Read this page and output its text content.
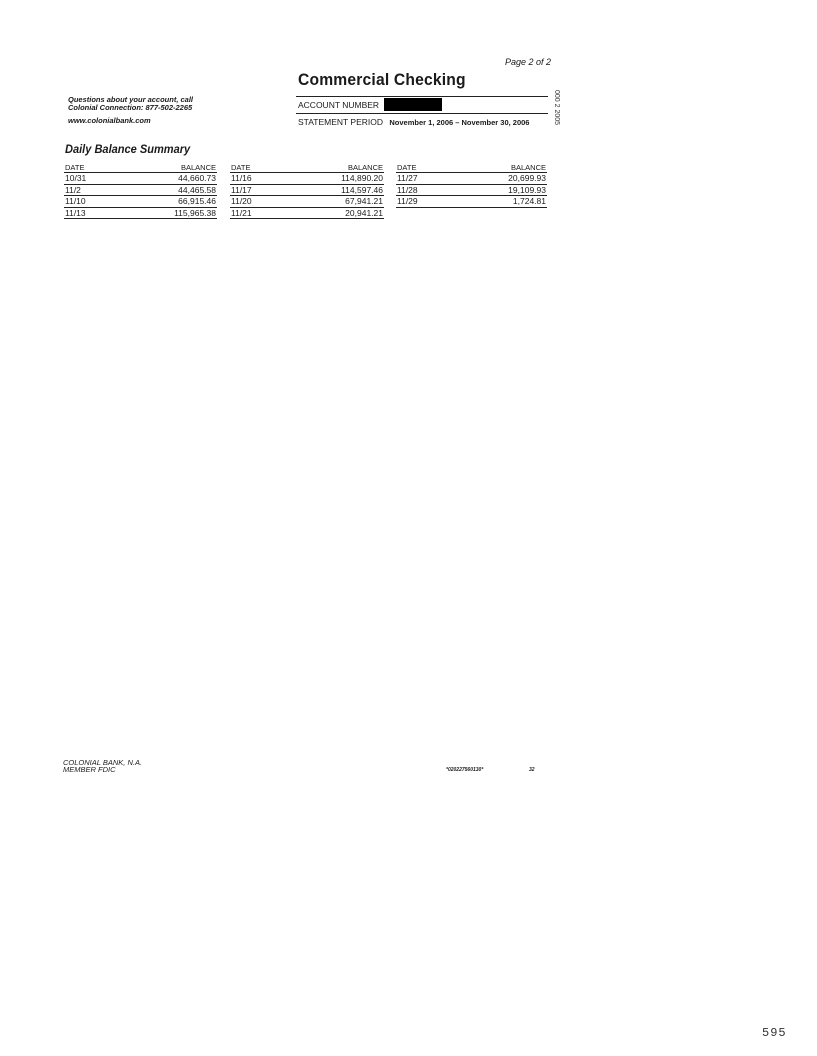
Page 2 of 2
Commercial Checking
000 2 2005
Questions about your account, call
Colonial Connection: 877-502-2265
www.colonialbank.com
ACCOUNT NUMBER
STATEMENT PERIOD November 1, 2006 – November 30, 2006
Daily Balance Summary
DATE	BALANCE
10/31	44,660.73
11/2	44,465.58
11/10	66,915.46
11/13	115,965.38
DATE	BALANCE
11/16	114,890.20
11/17	114,597.46
11/20	67,941.21
11/21	20,941.21
DATE	BALANCE
11/27	20,699.93
11/28	19,109.93
11/29	1,724.81
COLONIAL BANK, N.A.
MEMBER FDIC	*020227560130*	32
595
